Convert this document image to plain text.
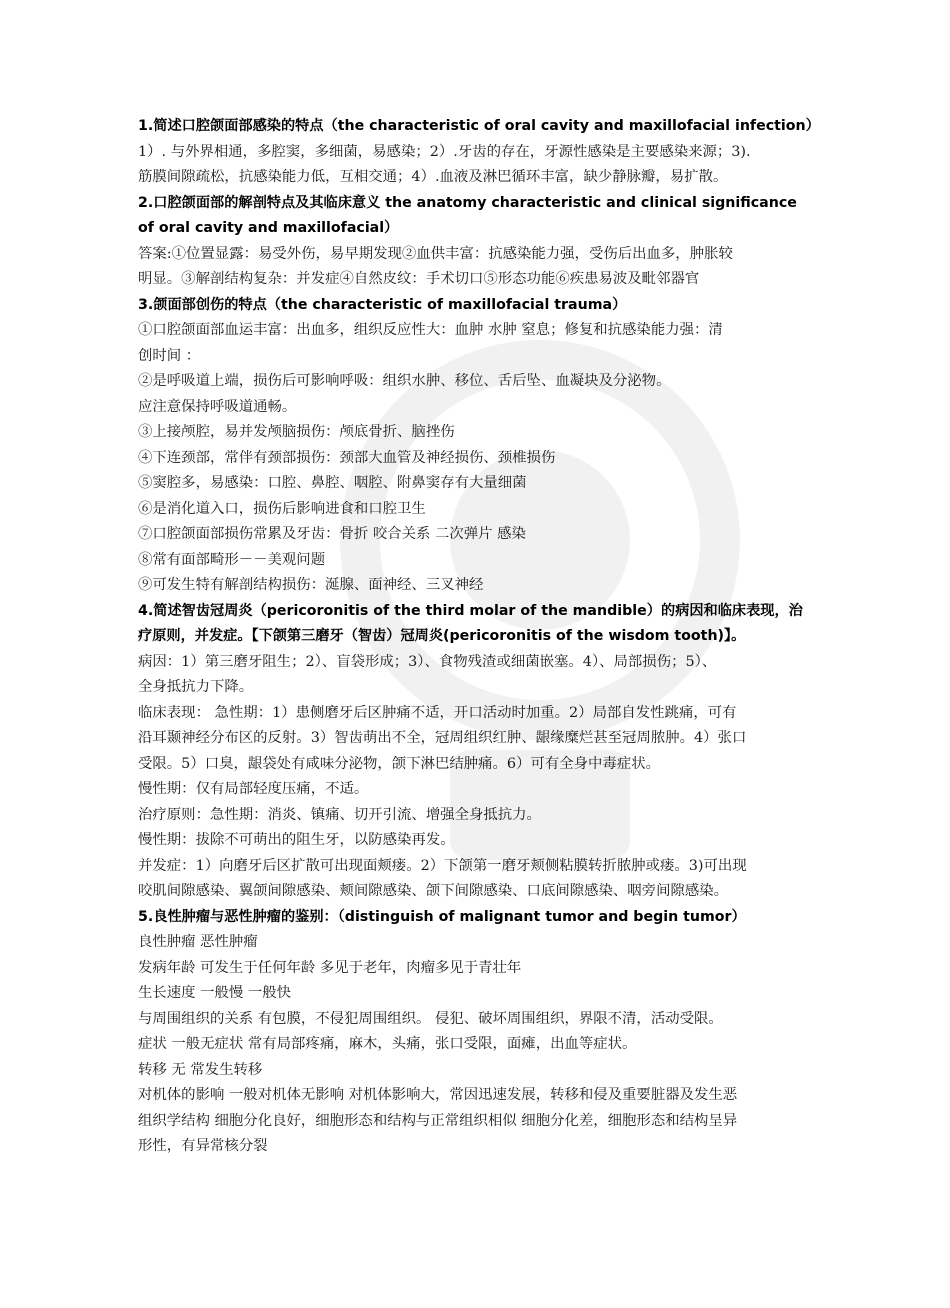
1.简述口腔颌面部感染的特点（the characteristic of oral cavity and maxillofacial infection）
1）. 与外界相通，多腔窦，多细菌，易感染；2）.牙齿的存在，牙源性感染是主要感染来源；3).
筋膜间隙疏松，抗感染能力低，互相交通；4）.血液及淋巴循环丰富，缺少静脉瓣，易扩散。
2.口腔颌面部的解剖特点及其临床意义 the anatomy characteristic and clinical significance
of oral cavity and maxillofacial）
答案:①位置显露：易受外伤，易早期发现②血供丰富：抗感染能力强，受伤后出血多，肿胀较
明显。③解剖结构复杂：并发症④自然皮纹：手术切口⑤形态功能⑥疾患易波及毗邻器官
3.颌面部创伤的特点（the characteristic of maxillofacial trauma）
①口腔颌面部血运丰富：出血多，组织反应性大：血肿 水肿 窒息；修复和抗感染能力强：清
创时间 ：
②是呼吸道上端，损伤后可影响呼吸：组织水肿、移位、舌后坠、血凝块及分泌物。
应注意保持呼吸道通畅。
③上接颅腔，易并发颅脑损伤：颅底骨折、脑挫伤
④下连颈部，常伴有颈部损伤：颈部大血管及神经损伤、颈椎损伤
⑤窦腔多，易感染：口腔、鼻腔、咽腔、附鼻窦存有大量细菌
⑥是消化道入口，损伤后影响进食和口腔卫生
⑦口腔颌面部损伤常累及牙齿：骨折 咬合关系 二次弹片 感染
⑧常有面部畸形－－美观问题
⑨可发生特有解剖结构损伤：涎腺、面神经、三叉神经
4.简述智齿冠周炎（pericoronitis of the third molar of the mandible）的病因和临床表现，治
疗原则，并发症。【下颌第三磨牙（智齿）冠周炎(pericoronitis of the wisdom tooth)】。
病因：1）第三磨牙阻生；2）、盲袋形成；3）、食物残渣或细菌嵌塞。4）、局部损伤；5）、
全身抵抗力下降。
临床表现： 急性期：1）患侧磨牙后区肿痛不适，开口活动时加重。2）局部自发性跳痛，可有
沿耳颞神经分布区的反射。3）智齿萌出不全，冠周组织红肿、龈缘糜烂甚至冠周脓肿。4）张口
受限。5）口臭，龈袋处有咸味分泌物，颌下淋巴结肿痛。6）可有全身中毒症状。
慢性期：仅有局部轻度压痛，不适。
治疗原则：急性期：消炎、镇痛、切开引流、增强全身抵抗力。
慢性期：拔除不可萌出的阻生牙，以防感染再发。
并发症：1）向磨牙后区扩散可出现面颊瘘。2）下颌第一磨牙颊侧粘膜转折脓肿或瘘。3)可出现
咬肌间隙感染、翼颌间隙感染、颊间隙感染、颌下间隙感染、口底间隙感染、咽旁间隙感染。
5.良性肿瘤与恶性肿瘤的鉴别：（distinguish of malignant tumor and begin tumor）
良性肿瘤 恶性肿瘤
发病年龄 可发生于任何年龄 多见于老年，肉瘤多见于青壮年
生长速度 一般慢 一般快
与周围组织的关系 有包膜，不侵犯周围组织。 侵犯、破坏周围组织，界限不清，活动受限。
症状 一般无症状 常有局部疼痛，麻木，头痛，张口受限，面瘫，出血等症状。
转移 无 常发生转移
对机体的影响 一般对机体无影响 对机体影响大，常因迅速发展，转移和侵及重要脏器及发生恶
组织学结构 细胞分化良好，细胞形态和结构与正常组织相似 细胞分化差，细胞形态和结构呈异
形性，有异常核分裂
